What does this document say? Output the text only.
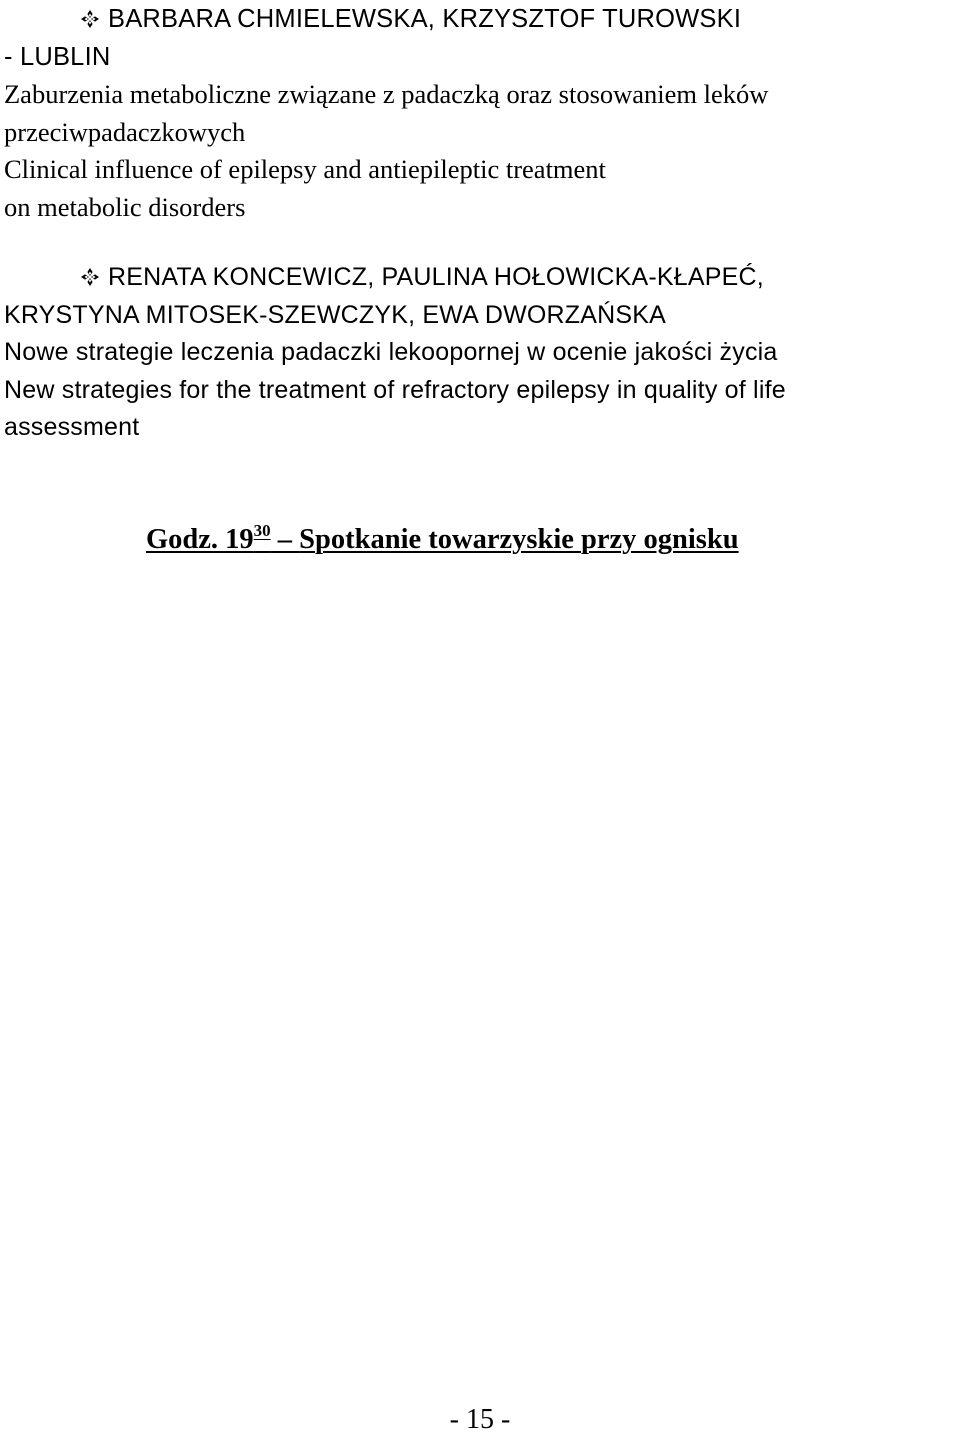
BARBARA CHMIELEWSKA, KRZYSZTOF TUROWSKI
- LUBLIN
Zaburzenia metaboliczne związane z padaczką oraz stosowaniem leków
przeciwpadaczkowych
Clinical influence of epilepsy and antiepileptic treatment
on metabolic disorders
RENATA KONCEWICZ, PAULINA HOŁOWICKA-KŁAPEĆ,
KRYSTYNA MITOSEK-SZEWCZYK, EWA DWORZAŃSKA
Nowe strategie leczenia padaczki lekoopornej w ocenie jakości życia
New strategies for the treatment of refractory epilepsy in quality of life
assessment
Godz. $19^{30}$ – Spotkanie towarzyskie przy ognisku
- 15 -
